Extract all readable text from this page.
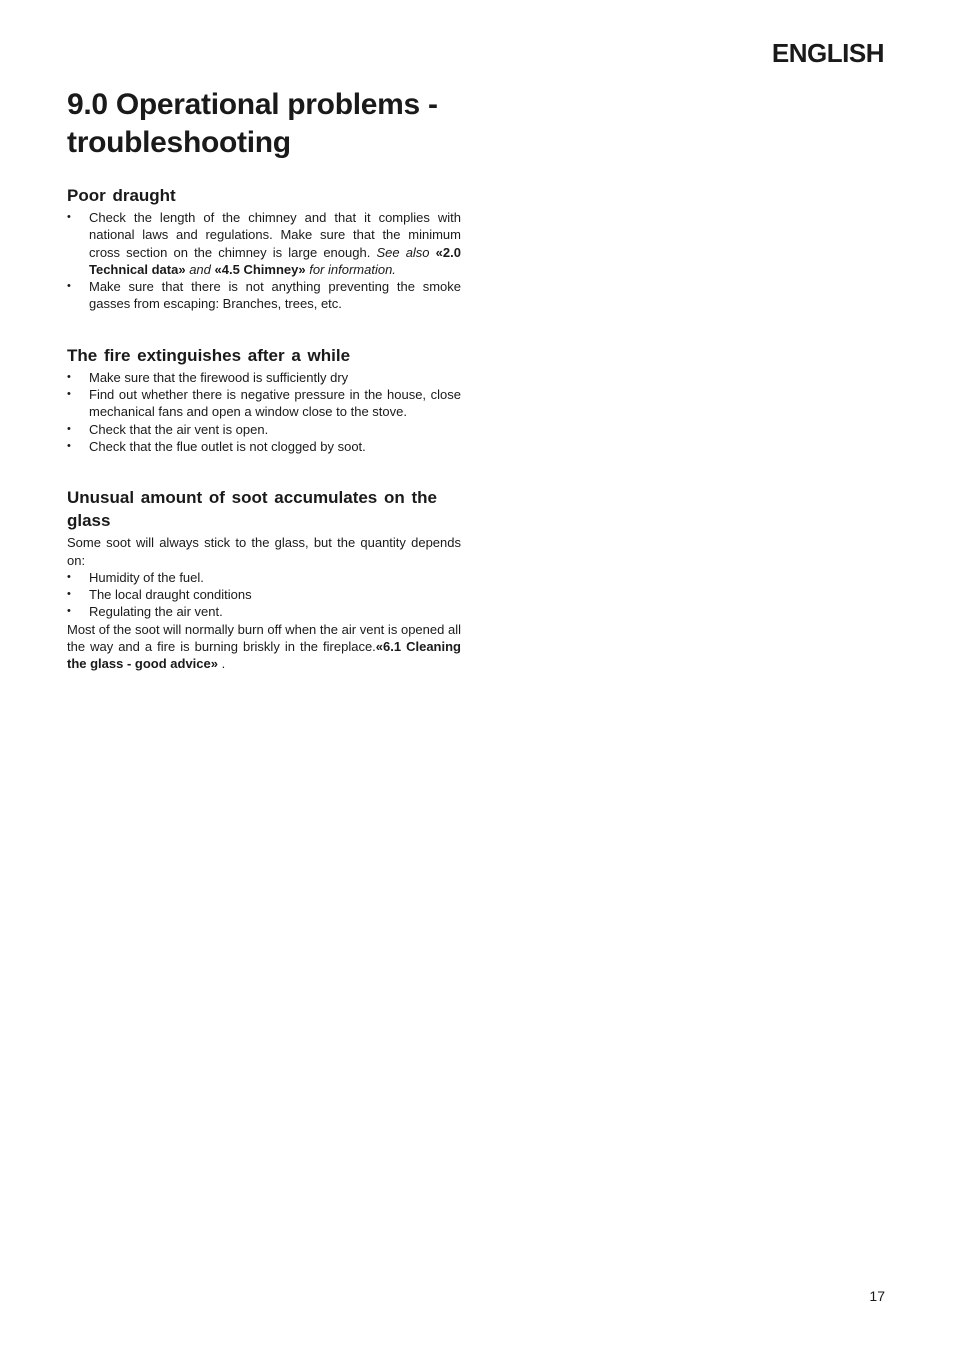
ENGLISH

9.0 Operational problems - troubleshooting
Poor draught
• Check the length of the chimney and that it complies with national laws and regulations. Make sure that the minimum cross section on the chimney is large enough. See also «2.0 Technical data» and «4.5 Chimney» for information.
• Make sure that there is not anything preventing the smoke gasses from escaping: Branches, trees, etc.
The fire extinguishes after a while
• Make sure that the firewood is sufficiently dry
• Find out whether there is negative pressure in the house, close mechanical fans and open a window close to the stove.
• Check that the air vent is open.
• Check that the flue outlet is not clogged by soot.
Unusual amount of soot accumulates on the glass

Some soot will always stick to the glass, but the quantity depends on:

• Humidity of the fuel.
• The local draught conditions
• Regulating the air vent.

Most of the soot will normally burn off when the air vent is opened all the way and a fire is burning briskly in the fireplace.«6.1 Cleaning the glass - good advice» .

17
